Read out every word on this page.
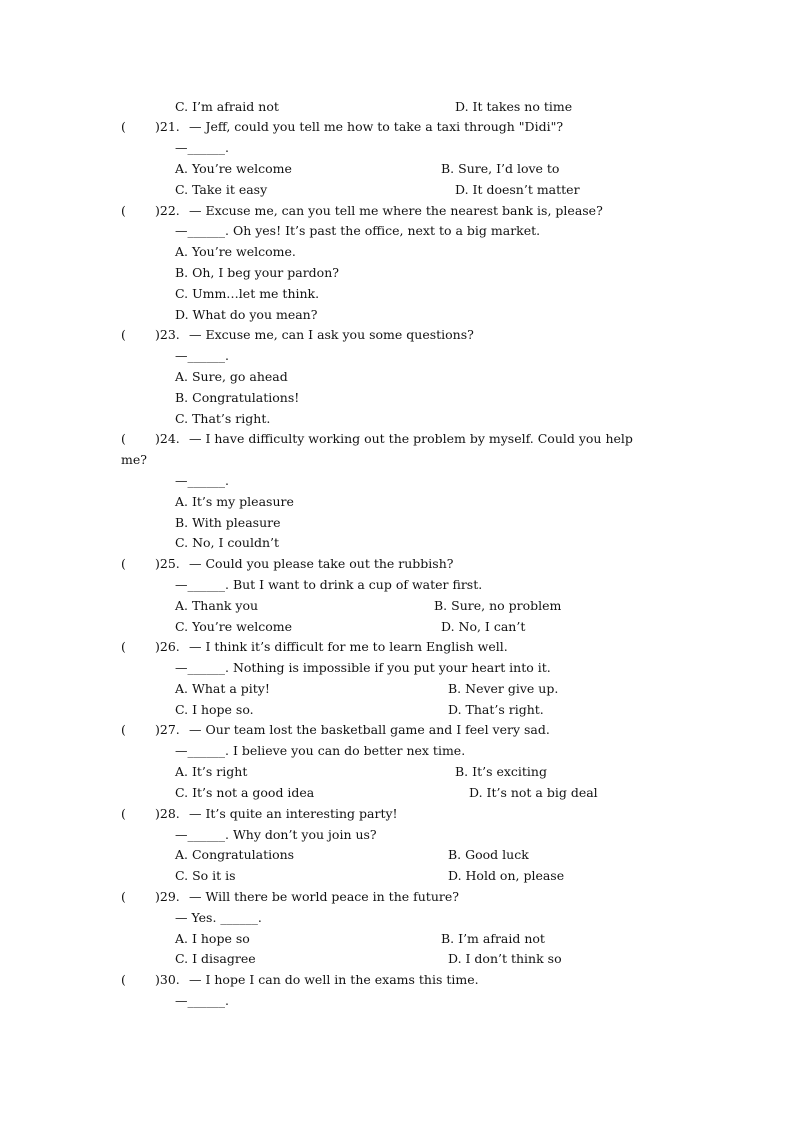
C. I’m afraid not	D. It takes no time
( )21. — Jeff, could you tell me how to take a taxi through "Didi"?
—______.
A. You’re welcome	B. Sure, I’d love to
C. Take it easy	D. It doesn’t matter
( )22. — Excuse me, can you tell me where the nearest bank is, please?
—______. Oh yes! It’s past the office, next to a big market.
A. You’re welcome.
B. Oh, I beg your pardon?
C. Umm…let me think.
D. What do you mean?
( )23. — Excuse me, can I ask you some questions?
—______.
A. Sure, go ahead
B. Congratulations!
C. That’s right.
( )24. — I have difficulty working out the problem by myself. Could you help
me?
—______.
A. It’s my pleasure
B. With pleasure
C. No, I couldn’t
( )25. — Could you please take out the rubbish?
—______. But I want to drink a cup of water first.
A. Thank you	B. Sure, no problem
C. You’re welcome	D. No, I can’t
( )26. — I think it’s difficult for me to learn English well.
—______. Nothing is impossible if you put your heart into it.
A. What a pity!	B. Never give up.
C. I hope so.	D. That’s right.
( )27. — Our team lost the basketball game and I feel very sad.
—______. I believe you can do better nex time.
A. It’s right	B. It’s exciting
C. It’s not a good idea	D. It’s not a big deal
( )28. — It’s quite an interesting party!
—______. Why don’t you join us?
A. Congratulations	B. Good luck
C. So it is	D. Hold on, please
( )29. — Will there be world peace in the future?
— Yes. ______.
A. I hope so	B. I’m afraid not
C. I disagree	D. I don’t think so
( )30. — I hope I can do well in the exams this time.
—______.
